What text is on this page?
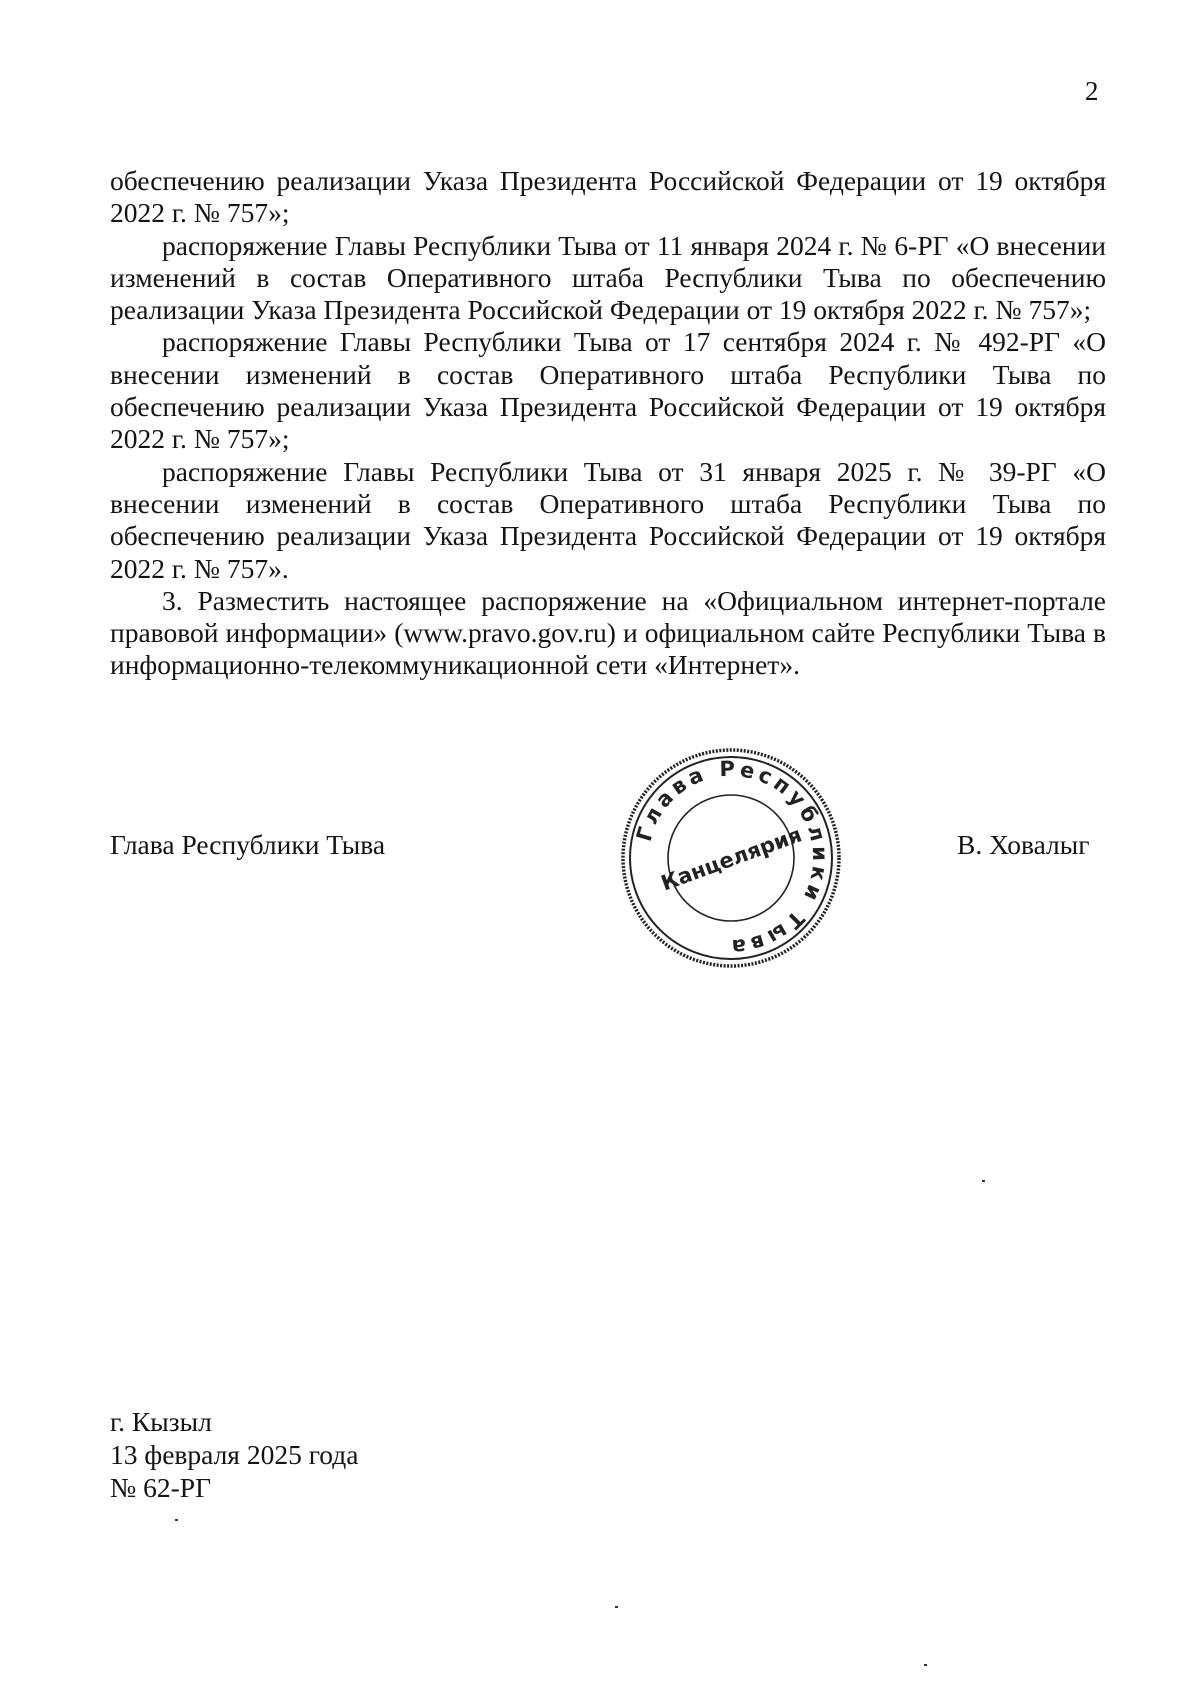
2

обеспечению реализации Указа Президента Российской Федерации от 19 октября 2022 г. № 757»;

распоряжение Главы Республики Тыва от 11 января 2024 г. № 6-РГ «О внесении изменений в состав Оперативного штаба Республики Тыва по обеспечению реализации Указа Президента Российской Федерации от 19 октября 2022 г. № 757»;

распоряжение Главы Республики Тыва от 17 сентября 2024 г. № 492-РГ «О внесении изменений в состав Оперативного штаба Республики Тыва по обеспечению реализации Указа Президента Российской Федерации от 19 октября 2022 г. № 757»;

распоряжение Главы Республики Тыва от 31 января 2025 г. № 39-РГ «О внесении изменений в состав Оперативного штаба Республики Тыва по обеспечению реализации Указа Президента Российской Федерации от 19 октября 2022 г. № 757».

3. Разместить настоящее распоряжение на «Официальном интернет-портале правовой информации» (www.pravo.gov.ru) и официальном сайте Республики Тыва в информационно-телекоммуникационной сети «Интернет».

Глава Республики Тыва	В. Ховалыг
Глава Республики Тыва
Канцелярия
г. Кызыл
13 февраля 2025 года
№ 62-РГ
